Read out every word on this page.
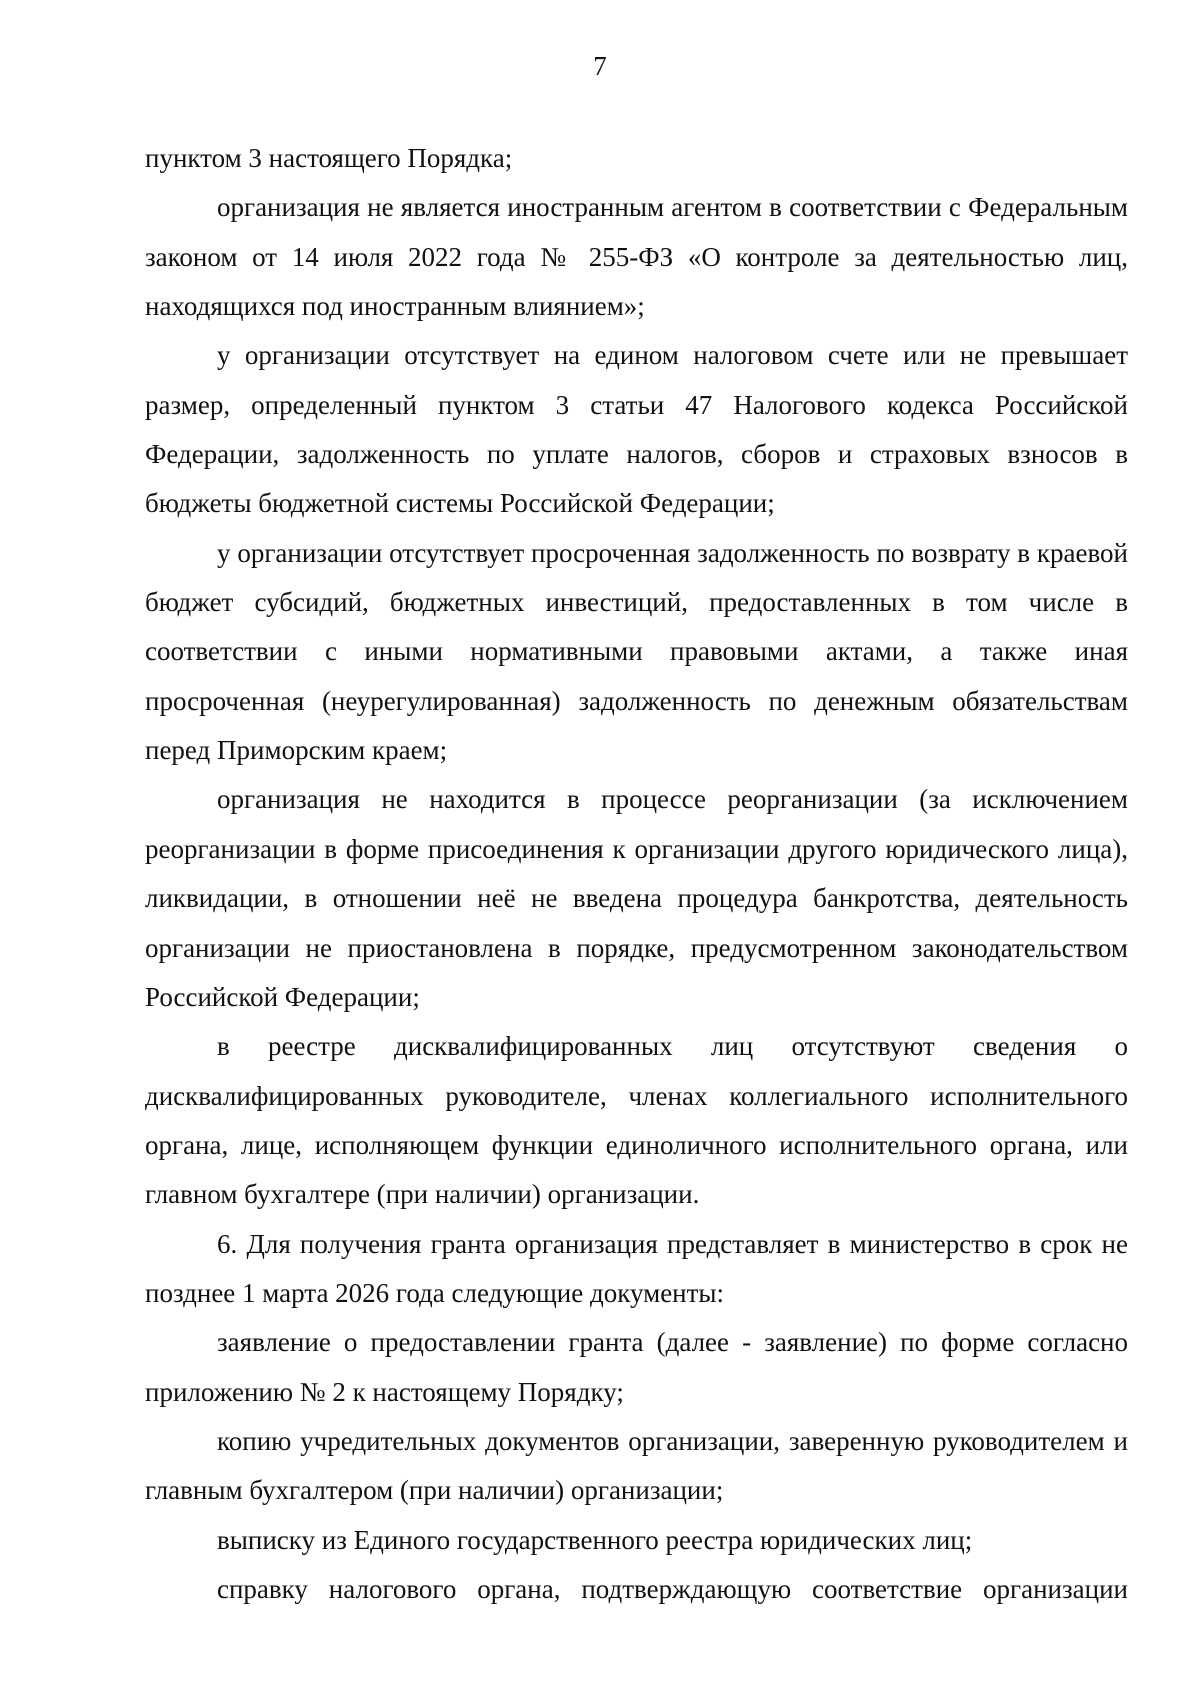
7

пунктом 3 настоящего Порядка;

организация не является иностранным агентом в соответствии с Федеральным законом от 14 июля 2022 года № 255-ФЗ «О контроле за деятельностью лиц, находящихся под иностранным влиянием»;

у организации отсутствует на едином налоговом счете или не превышает размер, определенный пунктом 3 статьи 47 Налогового кодекса Российской Федерации, задолженность по уплате налогов, сборов и страховых взносов в бюджеты бюджетной системы Российской Федерации;

у организации отсутствует просроченная задолженность по возврату в краевой бюджет субсидий, бюджетных инвестиций, предоставленных в том числе в соответствии с иными нормативными правовыми актами, а также иная просроченная (неурегулированная) задолженность по денежным обязательствам перед Приморским краем;

организация не находится в процессе реорганизации (за исключением реорганизации в форме присоединения к организации другого юридического лица), ликвидации, в отношении неё не введена процедура банкротства, деятельность организации не приостановлена в порядке, предусмотренном законодательством Российской Федерации;

в реестре дисквалифицированных лиц отсутствуют сведения о дисквалифицированных руководителе, членах коллегиального исполнительного органа, лице, исполняющем функции единоличного исполнительного органа, или главном бухгалтере (при наличии) организации.

6. Для получения гранта организация представляет в министерство в срок не позднее 1 марта 2026 года следующие документы:

заявление о предоставлении гранта (далее - заявление) по форме согласно приложению № 2 к настоящему Порядку;

копию учредительных документов организации, заверенную руководителем и главным бухгалтером (при наличии) организации;

выписку из Единого государственного реестра юридических лиц;

справку налогового органа, подтверждающую соответствие организации
